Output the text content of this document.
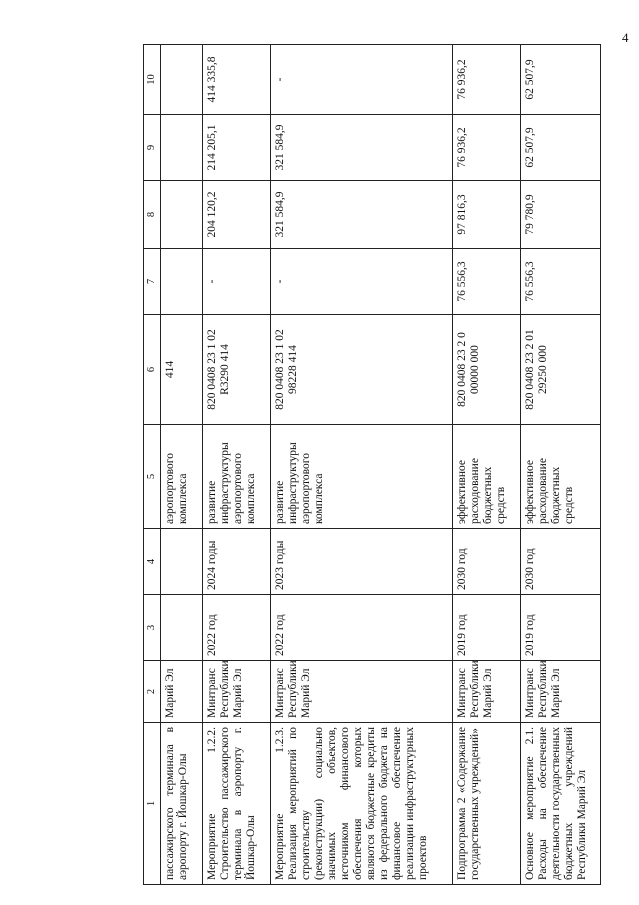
4
1	2	3	4	5	6	7	8	9	10
пассажирского терминала в аэропорту г. Йошкар-Олы	Марий Эл			аэропортового комплекса	414				
Мероприятие 1.2.2. Строительство пассажирского терминала в аэропорту г. Йошкар-Олы	Минтранс Республики Марий Эл	2022 год	2024 годы	развитие инфраструктуры аэропортового комплекса	820 0408 23 1 02 R3290 414	-	204 120,2	214 205,1	414 335,8
Мероприятие 1.2.3. Реализация мероприятий по строительству (реконструкции) социально значимых объектов, источником финансового обеспечения которых являются бюджетные кредиты из федерального бюджета на финансовое обеспечение реализации инфраструктурных проектов	Минтранс Республики Марий Эл	2022 год	2023 годы	развитие инфраструктуры аэропортового комплекса	820 0408 23 1 02 98228 414	-	321 584,9	321 584,9	-
Подпрограмма 2 «Содержание государственных учреждений»	Минтранс Республики Марий Эл	2019 год	2030 год	эффективное расходование бюджетных средств	820 0408 23 2 0 00000 000	76 556,3	97 816,3	76 936,2	76 936,2
Основное мероприятие 2.1. Расходы на обеспечение деятельности государственных бюджетных учреждений Республики Марий Эл	Минтранс Республики Марий Эл	2019 год	2030 год	эффективное расходование бюджетных средств	820 0408 23 2 01 29250 000	76 556,3	79 780,9	62 507,9	62 507,9
